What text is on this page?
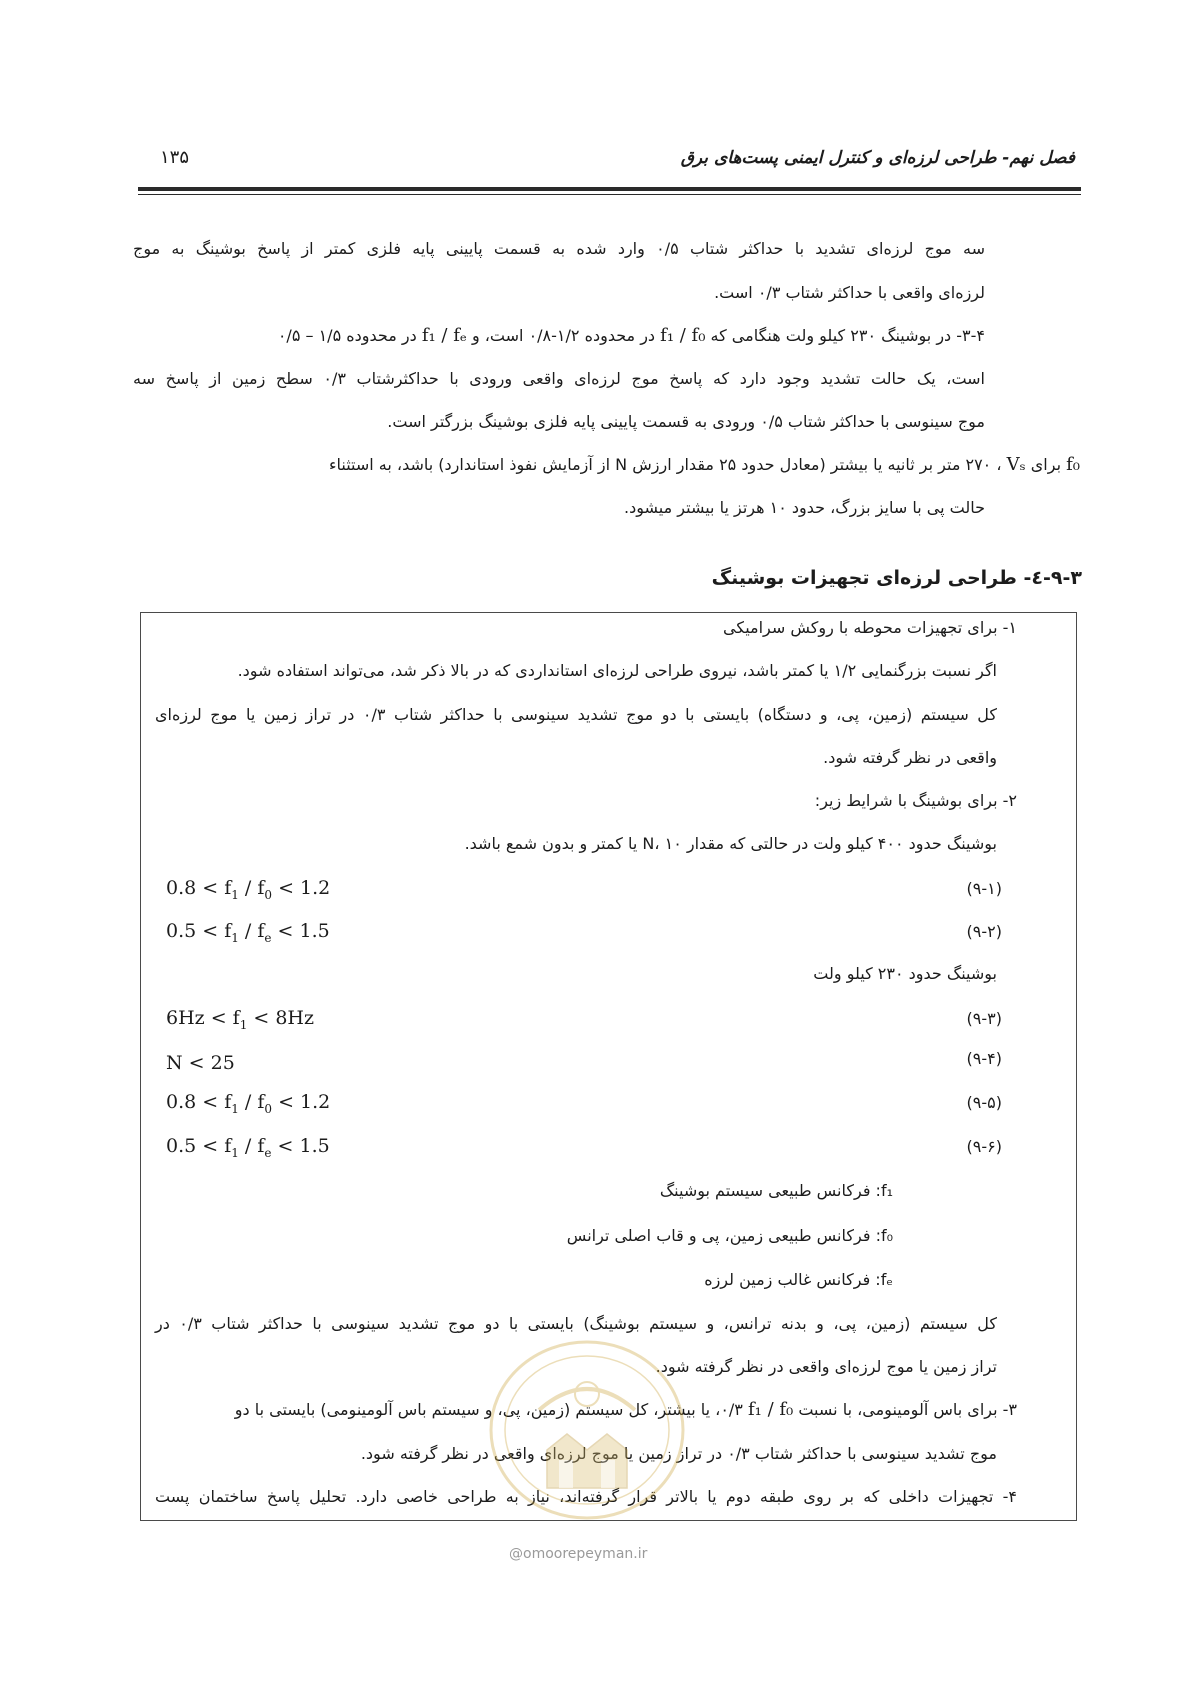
فصل نهم- طراحی لرزه‌ای و کنترل ایمنی پست‌های برق
۱۳۵
سه موج لرزه‌ای تشدید با حداکثر شتاب ۰/۵ وارد شده به قسمت پایینی پایه فلزی کمتر از پاسخ بوشینگ به موج
لرزه‌ای واقعی با حداکثر شتاب ۰/۳ است.
۳-۴- در بوشینگ ۲۳۰ کیلو ولت هنگامی که f₁ / f₀ در محدوده ۱/۲-۰/۸ است، و f₁ / fₑ در محدوده ۱/۵ – ۰/۵
است، یک حالت تشدید وجود دارد که پاسخ موج لرزه‌ای واقعی ورودی با حداکثرشتاب ۰/۳ سطح زمین از پاسخ سه
موج سینوسی با حداکثر شتاب ۰/۵ ورودی به قسمت پایینی پایه فلزی بوشینگ بزرگتر است.
f₀ برای Vₛ ، ۲۷۰ متر بر ثانیه یا بیشتر (معادل حدود ۲۵ مقدار ارزش N از آزمایش نفوذ استاندارد) باشد، به استثناء
حالت پی با سایز بزرگ، حدود ۱۰ هرتز یا بیشتر میشود.
۹-۳-٤- طراحی لرزه‌ای تجهیزات بوشینگ
۱- برای تجهیزات محوطه با روکش سرامیکی
اگر نسبت بزرگنمایی ۱/۲ یا کمتر باشد، نیروی طراحی لرزه‌ای استانداردی که در بالا ذکر شد، می‌تواند استفاده شود.
کل سیستم (زمین، پی، و دستگاه) بایستی با دو موج تشدید سینوسی با حداکثر شتاب ۰/۳ در تراز زمین یا موج لرزه‌ای
واقعی در نظر گرفته شود.
۲- برای بوشینگ با شرایط زیر:
بوشینگ حدود ۴۰۰ کیلو ولت در حالتی که مقدار N، ۱۰ یا کمتر و بدون شمع باشد.
$0.8 < f_1 / f_0 < 1.2$	(۹-۱)
$0.5 < f_1 / f_e < 1.5$	(۹-۲)
بوشینگ حدود ۲۳۰ کیلو ولت
$6Hz < f_1 < 8Hz$	(۹-۳)
N < 25	(۹-۴)
$0.8 < f_1 / f_0 < 1.2$	(۹-۵)
$0.5 < f_1 / f_e < 1.5$	(۹-۶)
f₁: فرکانس طبیعی سیستم بوشینگ
f₀: فرکانس طبیعی زمین، پی و قاب اصلی ترانس
fₑ: فرکانس غالب زمین لرزه
کل سیستم (زمین، پی، و بدنه ترانس، و سیستم بوشینگ) بایستی با دو موج تشدید سینوسی با حداکثر شتاب ۰/۳ در
تراز زمین یا موج لرزه‌ای واقعی در نظر گرفته شود.
۳- برای باس آلومینومی، با نسبت f₁ / f₀ ۰/۳، یا بیشتر، کل سیستم (زمین، پی، و سیستم باس آلومینومی) بایستی با دو
موج تشدید سینوسی با حداکثر شتاب ۰/۳ در تراز زمین یا موج لرزه‌ای واقعی در نظر گرفته شود.
۴- تجهیزات داخلی که بر روی طبقه دوم یا بالاتر قرار گرفته‌اند، نیاز به طراحی خاصی دارد. تحلیل پاسخ ساختمان پست
@omoorepeyman.ir
